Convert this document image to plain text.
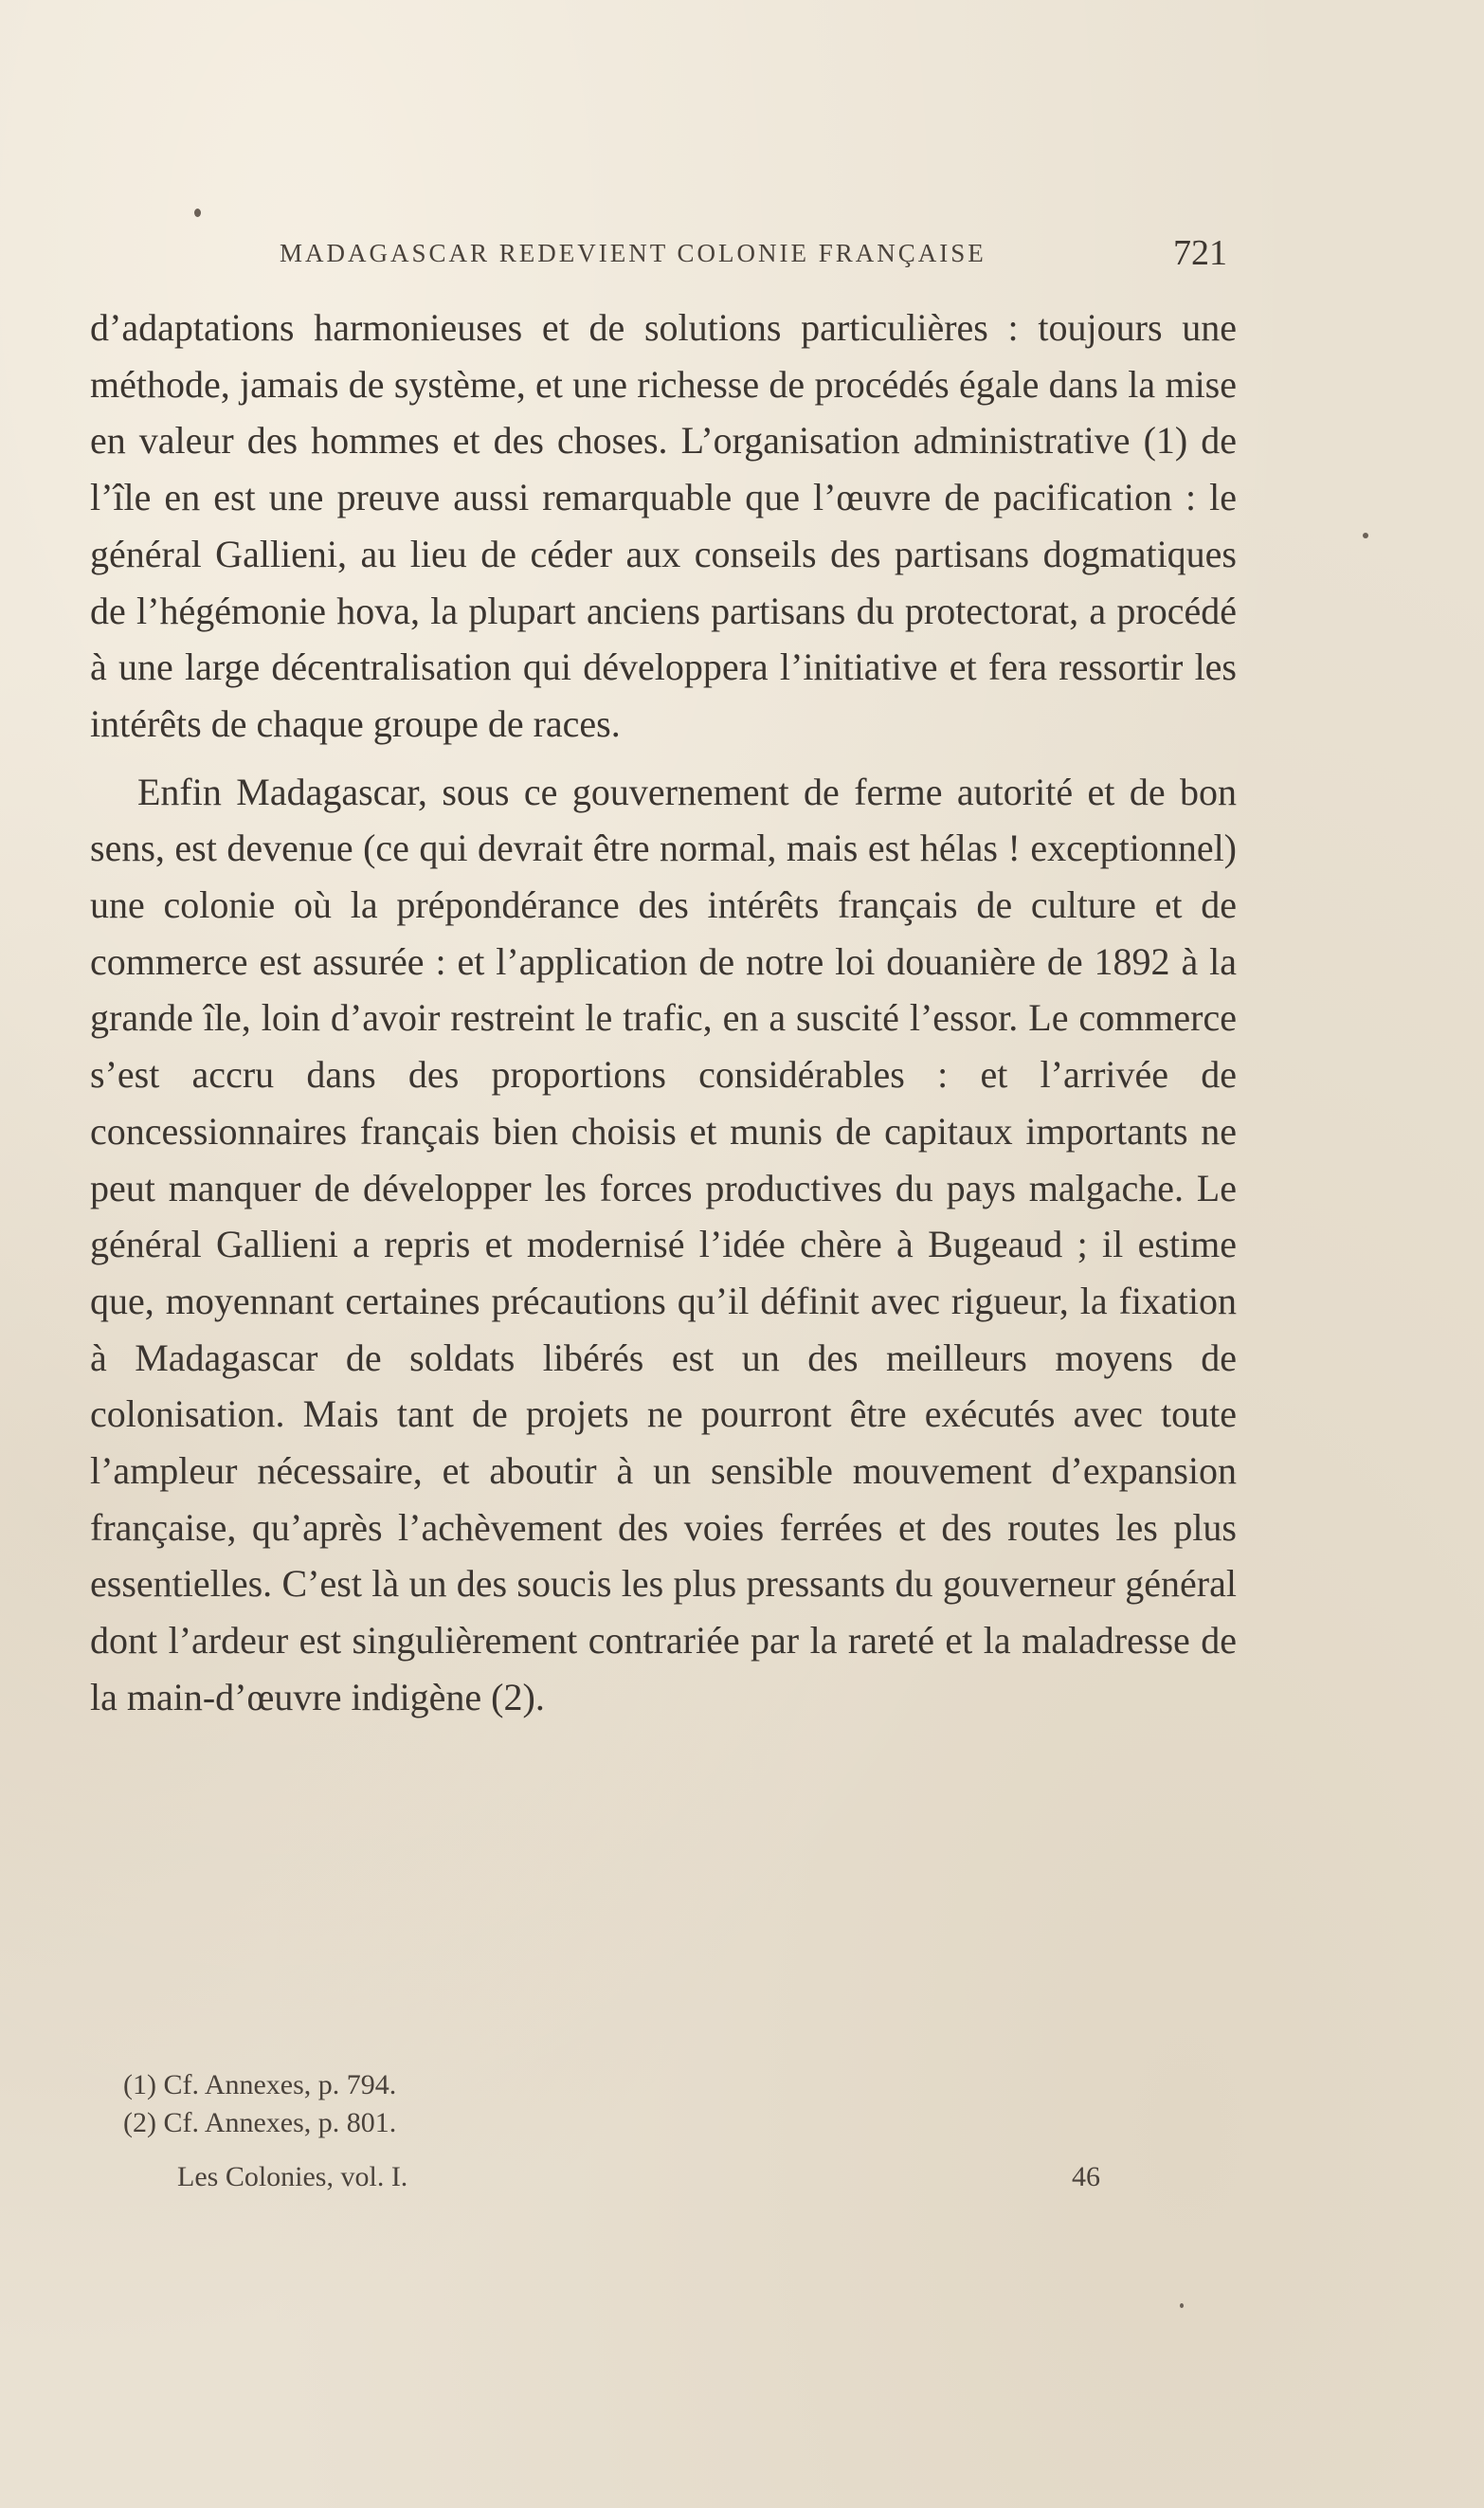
MADAGASCAR REDEVIENT COLONIE FRANÇAISE	721

d’adaptations harmonieuses et de solutions particulières : toujours une méthode, jamais de système, et une richesse de procédés égale dans la mise en valeur des hommes et des choses. L’organisation administrative (1) de l’île en est une preuve aussi remarquable que l’œuvre de pacification : le général Gallieni, au lieu de céder aux conseils des partisans dogmatiques de l’hégémonie hova, la plupart anciens partisans du protectorat, a procédé à une large décentralisation qui développera l’initiative et fera ressortir les intérêts de chaque groupe de races.

Enfin Madagascar, sous ce gouvernement de ferme autorité et de bon sens, est devenue (ce qui devrait être normal, mais est hélas ! exceptionnel) une colonie où la prépondérance des intérêts français de culture et de commerce est assurée : et l’application de notre loi douanière de 1892 à la grande île, loin d’avoir restreint le trafic, en a suscité l’essor. Le commerce s’est accru dans des proportions considérables : et l’arrivée de concessionnaires français bien choisis et munis de capitaux importants ne peut manquer de développer les forces productives du pays malgache. Le général Gallieni a repris et modernisé l’idée chère à Bugeaud ; il estime que, moyennant certaines précautions qu’il définit avec rigueur, la fixation à Madagascar de soldats libérés est un des meilleurs moyens de colonisation. Mais tant de projets ne pourront être exécutés avec toute l’ampleur nécessaire, et aboutir à un sensible mouvement d’expansion française, qu’après l’achèvement des voies ferrées et des routes les plus essentielles. C’est là un des soucis les plus pressants du gouverneur général dont l’ardeur est singulièrement contrariée par la rareté et la maladresse de la main-d’œuvre indigène (2).

(1) Cf. Annexes, p. 794.

(2) Cf. Annexes, p. 801.

Les Colonies, vol. I.	46
